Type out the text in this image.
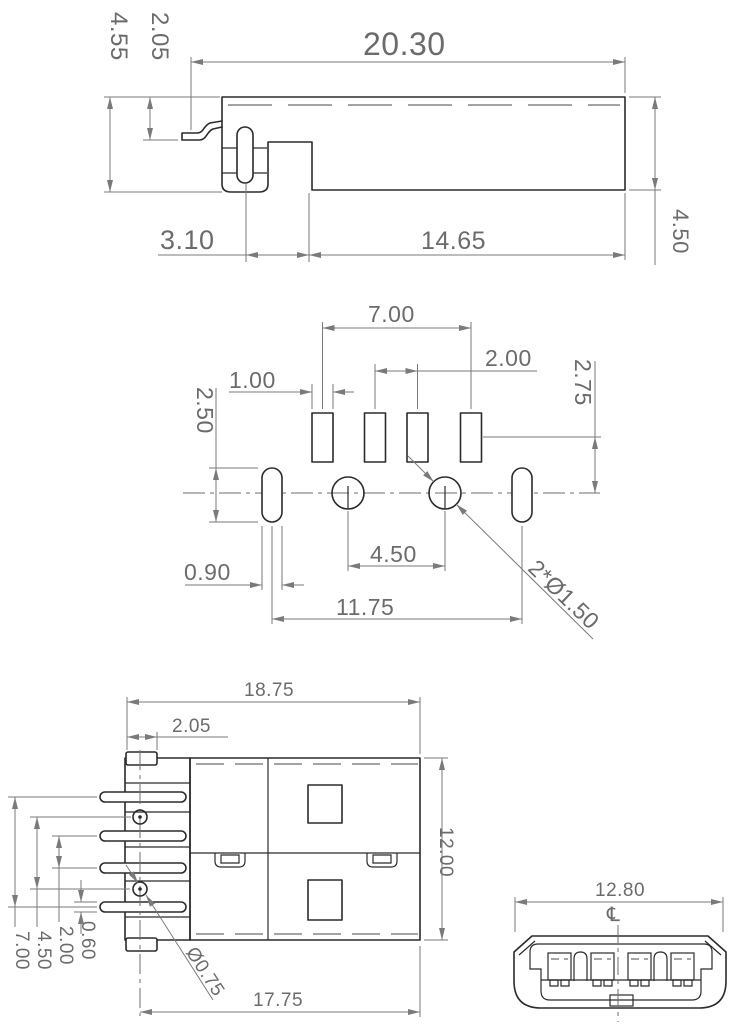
20.30
4.55 2.05
3.10	14.65	4.50
7.00
2.00
1.00
2.50
2.75
0.90
4.50
11.75	2*Ø1.50
18.75
2.05
12.00
17.75
7.00 4.50 2.00 0.60
Ø0.75
12.80
℄
